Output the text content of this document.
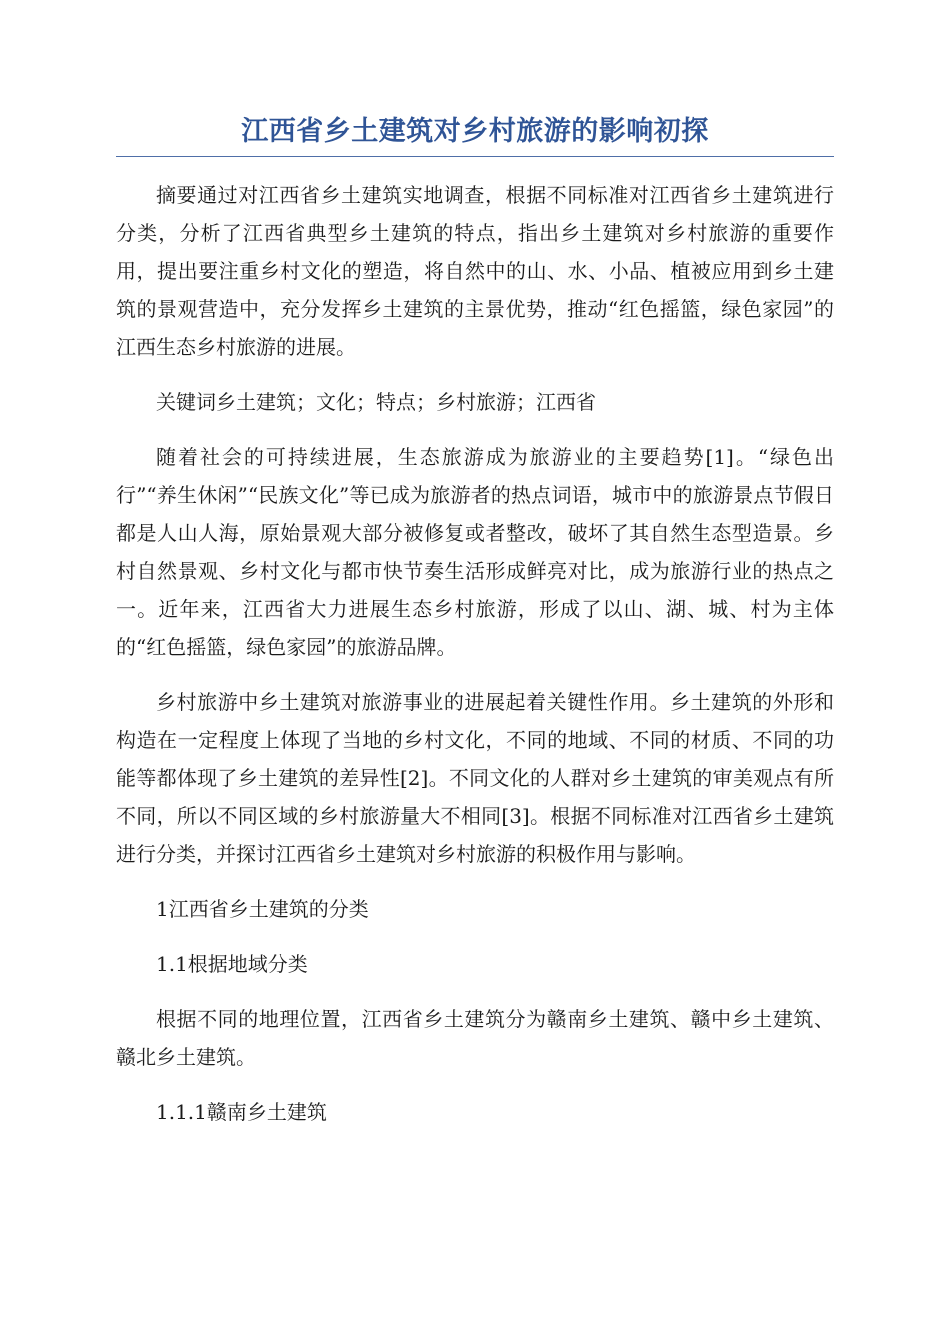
江西省乡土建筑对乡村旅游的影响初探

摘要通过对江西省乡土建筑实地调查，根据不同标准对江西省乡土建筑进行分类，分析了江西省典型乡土建筑的特点，指出乡土建筑对乡村旅游的重要作用，提出要注重乡村文化的塑造，将自然中的山、水、小品、植被应用到乡土建筑的景观营造中，充分发挥乡土建筑的主景优势，推动“红色摇篮，绿色家园”的江西生态乡村旅游的进展。

关键词乡土建筑；文化；特点；乡村旅游；江西省

随着社会的可持续进展，生态旅游成为旅游业的主要趋势[1]。“绿色出行”“养生休闲”“民族文化”等已成为旅游者的热点词语，城市中的旅游景点节假日都是人山人海，原始景观大部分被修复或者整改，破坏了其自然生态型造景。乡村自然景观、乡村文化与都市快节奏生活形成鲜亮对比，成为旅游行业的热点之一。近年来，江西省大力进展生态乡村旅游，形成了以山、湖、城、村为主体的“红色摇篮，绿色家园”的旅游品牌。

乡村旅游中乡土建筑对旅游事业的进展起着关键性作用。乡土建筑的外形和构造在一定程度上体现了当地的乡村文化，不同的地域、不同的材质、不同的功能等都体现了乡土建筑的差异性[2]。不同文化的人群对乡土建筑的审美观点有所不同，所以不同区域的乡村旅游量大不相同[3]。根据不同标准对江西省乡土建筑进行分类，并探讨江西省乡土建筑对乡村旅游的积极作用与影响。

1江西省乡土建筑的分类

1.1根据地域分类

根据不同的地理位置，江西省乡土建筑分为赣南乡土建筑、赣中乡土建筑、赣北乡土建筑。

1.1.1赣南乡土建筑
